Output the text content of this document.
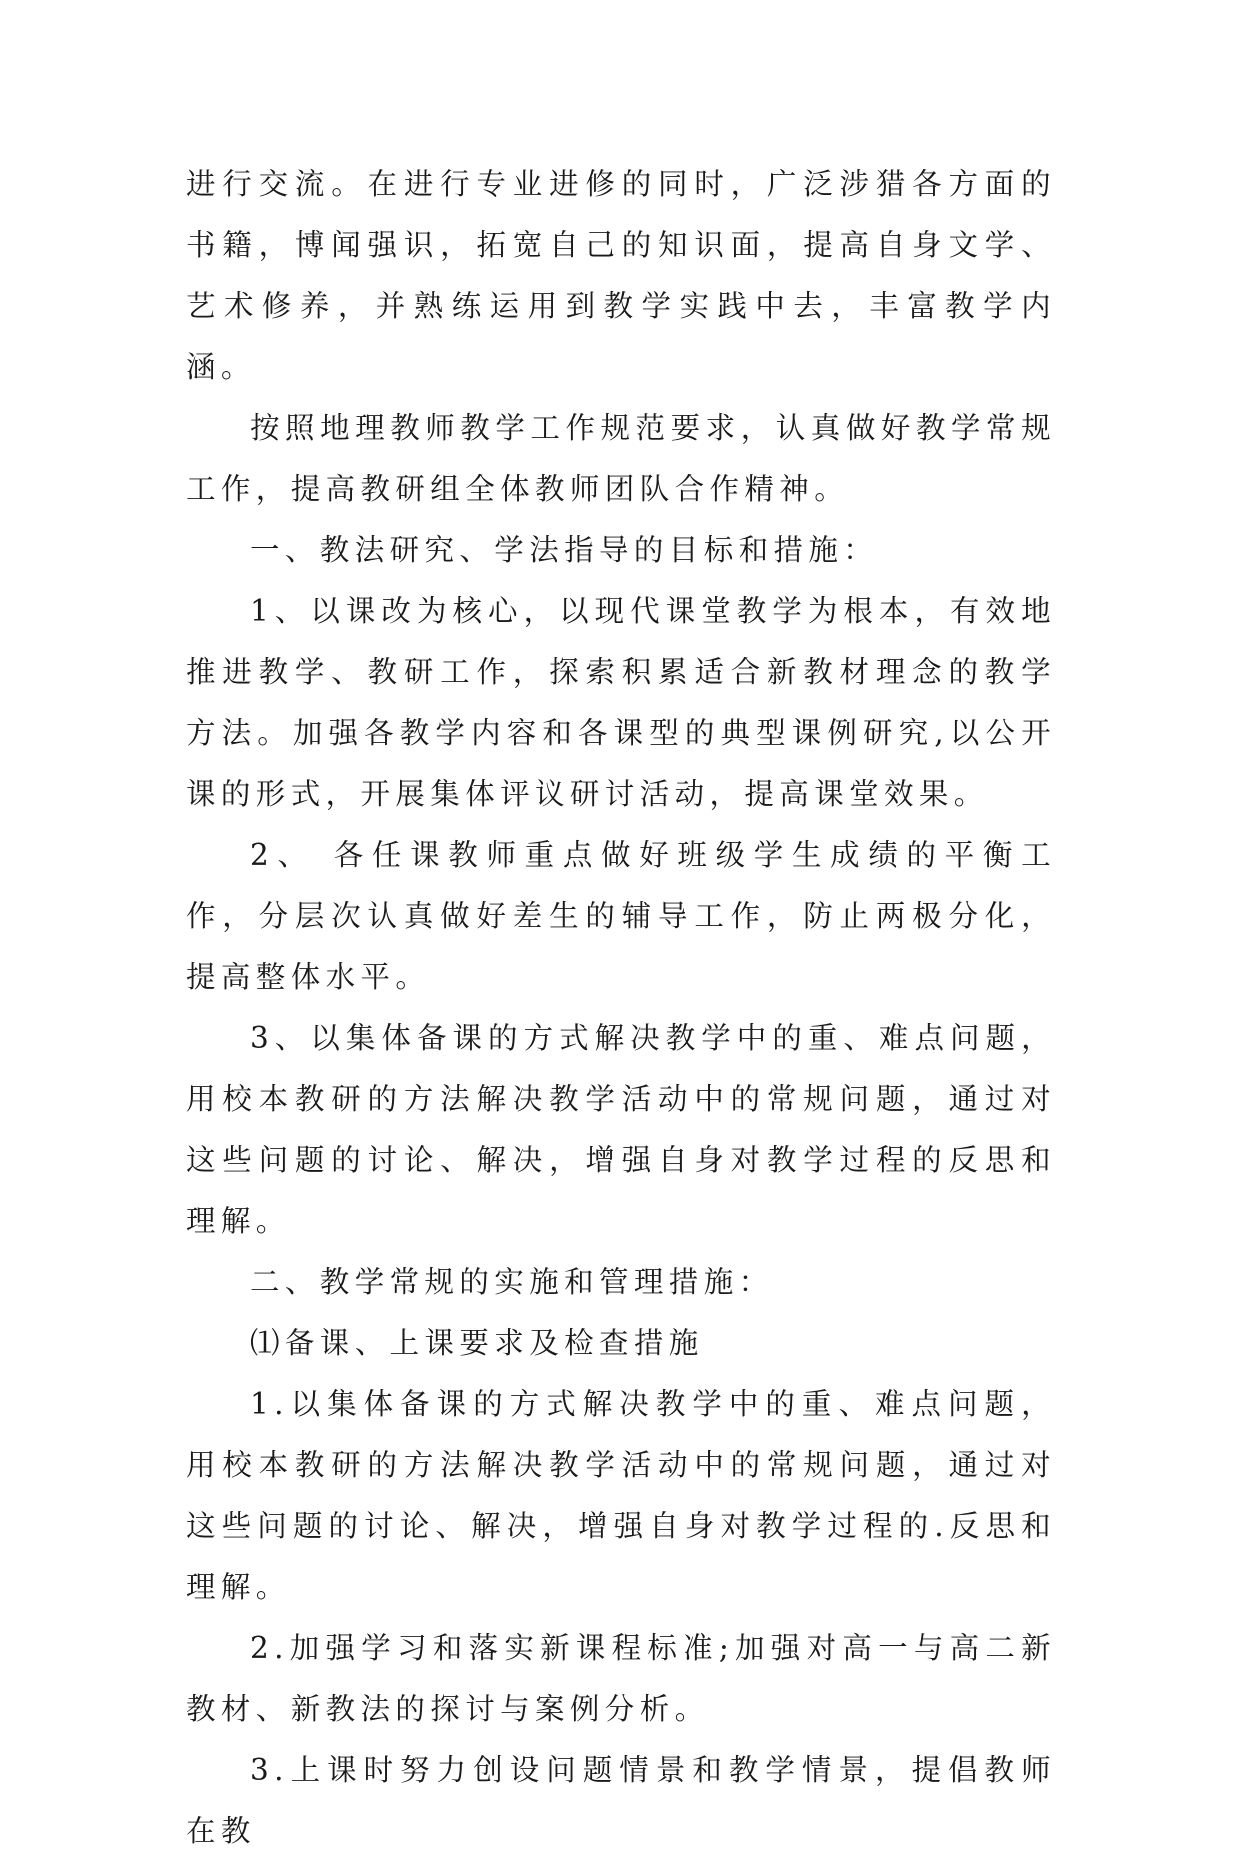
进行交流。在进行专业进修的同时，广泛涉猎各方面的书籍，博闻强识，拓宽自己的知识面，提高自身文学、艺术修养，并熟练运用到教学实践中去，丰富教学内涵。

按照地理教师教学工作规范要求，认真做好教学常规工作，提高教研组全体教师团队合作精神。

一、教法研究、学法指导的目标和措施：

1、以课改为核心，以现代课堂教学为根本，有效地推进教学、教研工作，探索积累适合新教材理念的教学方法。加强各教学内容和各课型的典型课例研究,以公开课的形式，开展集体评议研讨活动，提高课堂效果。

2、 各任课教师重点做好班级学生成绩的平衡工作，分层次认真做好差生的辅导工作，防止两极分化，提高整体水平。

3、以集体备课的方式解决教学中的重、难点问题，用校本教研的方法解决教学活动中的常规问题，通过对这些问题的讨论、解决，增强自身对教学过程的反思和理解。

二、教学常规的实施和管理措施：

⑴备课、上课要求及检查措施

1.以集体备课的方式解决教学中的重、难点问题，用校本教研的方法解决教学活动中的常规问题，通过对这些问题的讨论、解决，增强自身对教学过程的.反思和理解。

2.加强学习和落实新课程标准;加强对高一与高二新教材、新教法的探讨与案例分析。

3.上课时努力创设问题情景和教学情景，提倡教师在教
